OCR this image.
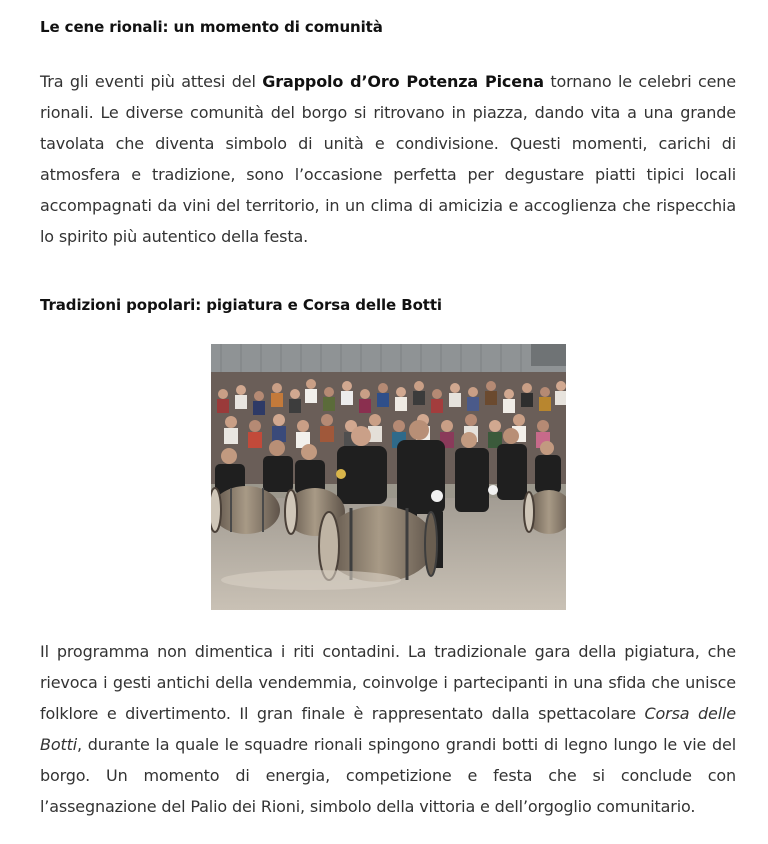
Le cene rionali: un momento di comunità

Tra gli eventi più attesi del Grappolo d’Oro Potenza Picena tornano le celebri cene rionali. Le diverse comunità del borgo si ritrovano in piazza, dando vita a una grande tavolata che diventa simbolo di unità e condivisione. Questi momenti, carichi di atmosfera e tradizione, sono l’occasione perfetta per degustare piatti tipici locali accompagnati da vini del territorio, in un clima di amicizia e accoglienza che rispecchia lo spirito più autentico della festa.

Tradizioni popolari: pigiatura e Corsa delle Botti

Il programma non dimentica i riti contadini. La tradizionale gara della pigiatura, che rievoca i gesti antichi della vendemmia, coinvolge i partecipanti in una sfida che unisce folklore e divertimento. Il gran finale è rappresentato dalla spettacolare Corsa delle Botti, durante la quale le squadre rionali spingono grandi botti di legno lungo le vie del borgo. Un momento di energia, competizione e festa che si conclude con l’assegnazione del Palio dei Rioni, simbolo della vittoria e dell’orgoglio comunitario.
